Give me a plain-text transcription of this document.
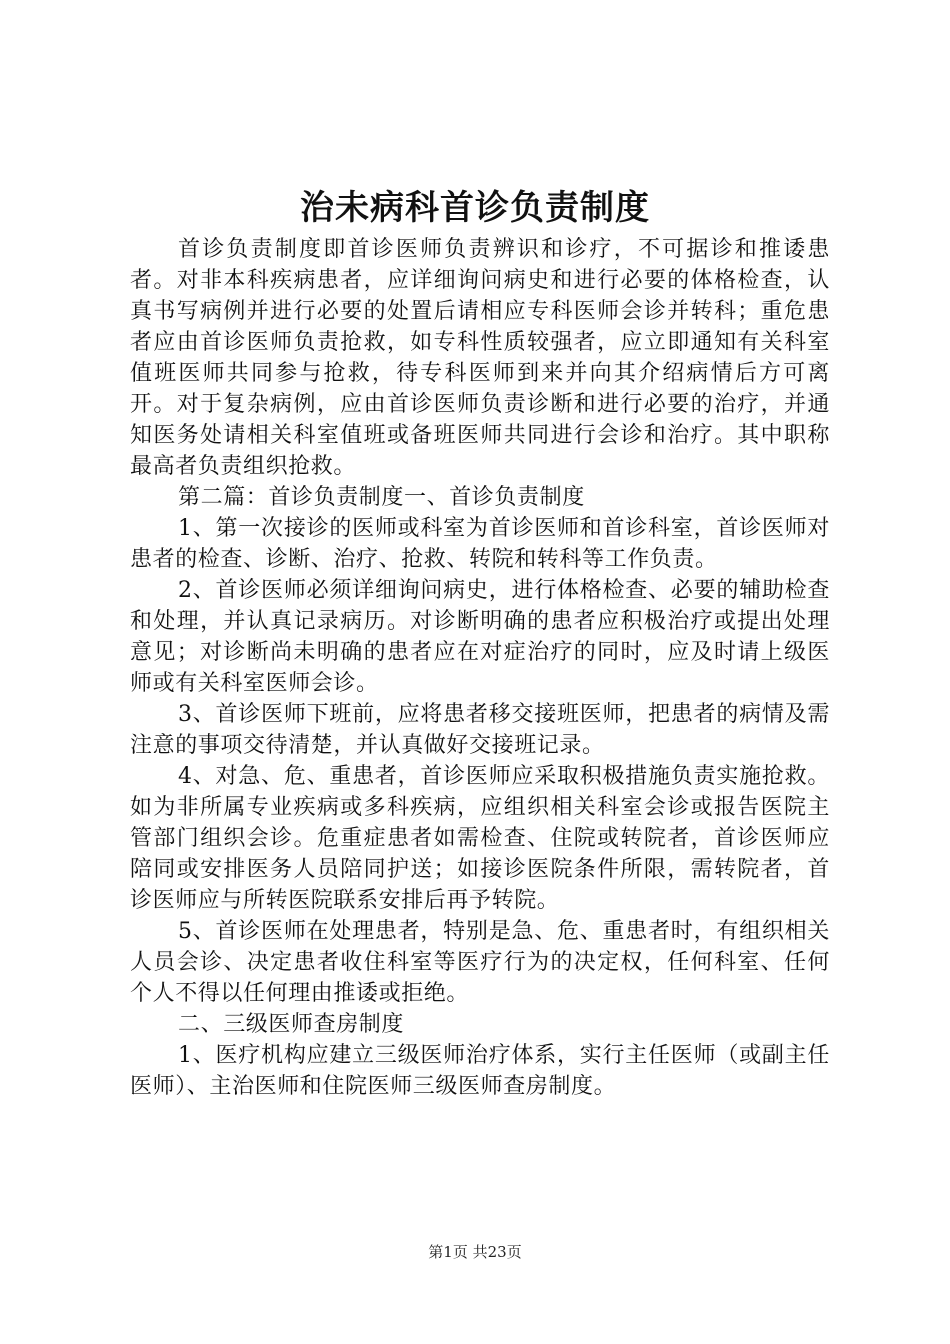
治未病科首诊负责制度

首诊负责制度即首诊医师负责辨识和诊疗，不可据诊和推诿患者。对非本科疾病患者，应详细询问病史和进行必要的体格检查，认真书写病例并进行必要的处置后请相应专科医师会诊并转科；重危患者应由首诊医师负责抢救，如专科性质较强者，应立即通知有关科室值班医师共同参与抢救，待专科医师到来并向其介绍病情后方可离开。对于复杂病例，应由首诊医师负责诊断和进行必要的治疗，并通知医务处请相关科室值班或备班医师共同进行会诊和治疗。其中职称最高者负责组织抢救。

第二篇：首诊负责制度一、首诊负责制度

1、第一次接诊的医师或科室为首诊医师和首诊科室，首诊医师对患者的检查、诊断、治疗、抢救、转院和转科等工作负责。

2、首诊医师必须详细询问病史，进行体格检查、必要的辅助检查和处理，并认真记录病历。对诊断明确的患者应积极治疗或提出处理意见；对诊断尚未明确的患者应在对症治疗的同时，应及时请上级医师或有关科室医师会诊。

3、首诊医师下班前，应将患者移交接班医师，把患者的病情及需注意的事项交待清楚，并认真做好交接班记录。

4、对急、危、重患者，首诊医师应采取积极措施负责实施抢救。如为非所属专业疾病或多科疾病，应组织相关科室会诊或报告医院主管部门组织会诊。危重症患者如需检查、住院或转院者，首诊医师应陪同或安排医务人员陪同护送；如接诊医院条件所限，需转院者，首诊医师应与所转医院联系安排后再予转院。

5、首诊医师在处理患者，特别是急、危、重患者时，有组织相关人员会诊、决定患者收住科室等医疗行为的决定权，任何科室、任何个人不得以任何理由推诿或拒绝。

二、三级医师查房制度

1、医疗机构应建立三级医师治疗体系，实行主任医师（或副主任医师）、主治医师和住院医师三级医师查房制度。

第1页 共23页
